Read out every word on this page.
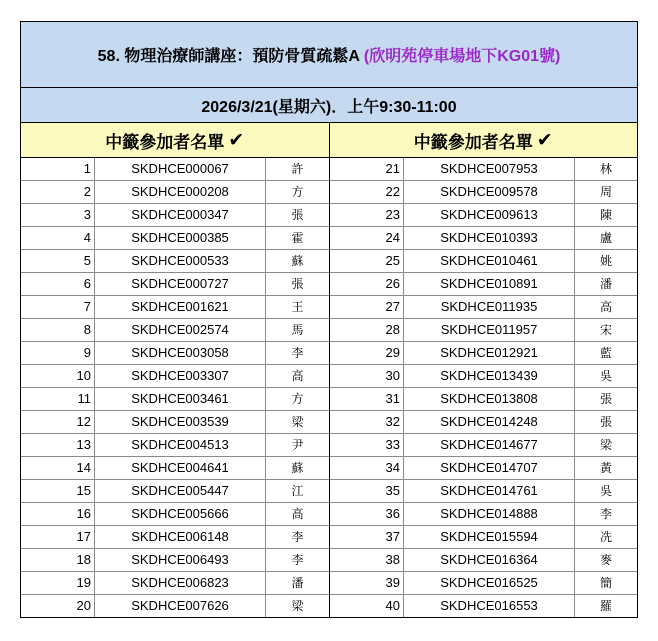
58. 物理治療師講座：預防骨質疏鬆A (欣明苑停車場地下KG01號)
2026/3/21(星期六)．上午9:30-11:00
中籤參加者名單 ✔	中籤參加者名單 ✔
1	SKDHCE000067	許
2	SKDHCE000208	方
3	SKDHCE000347	張
4	SKDHCE000385	霍
5	SKDHCE000533	蘇
6	SKDHCE000727	張
7	SKDHCE001621	王
8	SKDHCE002574	馬
9	SKDHCE003058	李
10	SKDHCE003307	高
11	SKDHCE003461	方
12	SKDHCE003539	梁
13	SKDHCE004513	尹
14	SKDHCE004641	蘇
15	SKDHCE005447	江
16	SKDHCE005666	高
17	SKDHCE006148	李
18	SKDHCE006493	李
19	SKDHCE006823	潘
20	SKDHCE007626	梁
21	SKDHCE007953	林
22	SKDHCE009578	周
23	SKDHCE009613	陳
24	SKDHCE010393	盧
25	SKDHCE010461	姚
26	SKDHCE010891	潘
27	SKDHCE011935	高
28	SKDHCE011957	宋
29	SKDHCE012921	藍
30	SKDHCE013439	吳
31	SKDHCE013808	張
32	SKDHCE014248	張
33	SKDHCE014677	梁
34	SKDHCE014707	黃
35	SKDHCE014761	吳
36	SKDHCE014888	李
37	SKDHCE015594	冼
38	SKDHCE016364	麥
39	SKDHCE016525	簡
40	SKDHCE016553	羅
